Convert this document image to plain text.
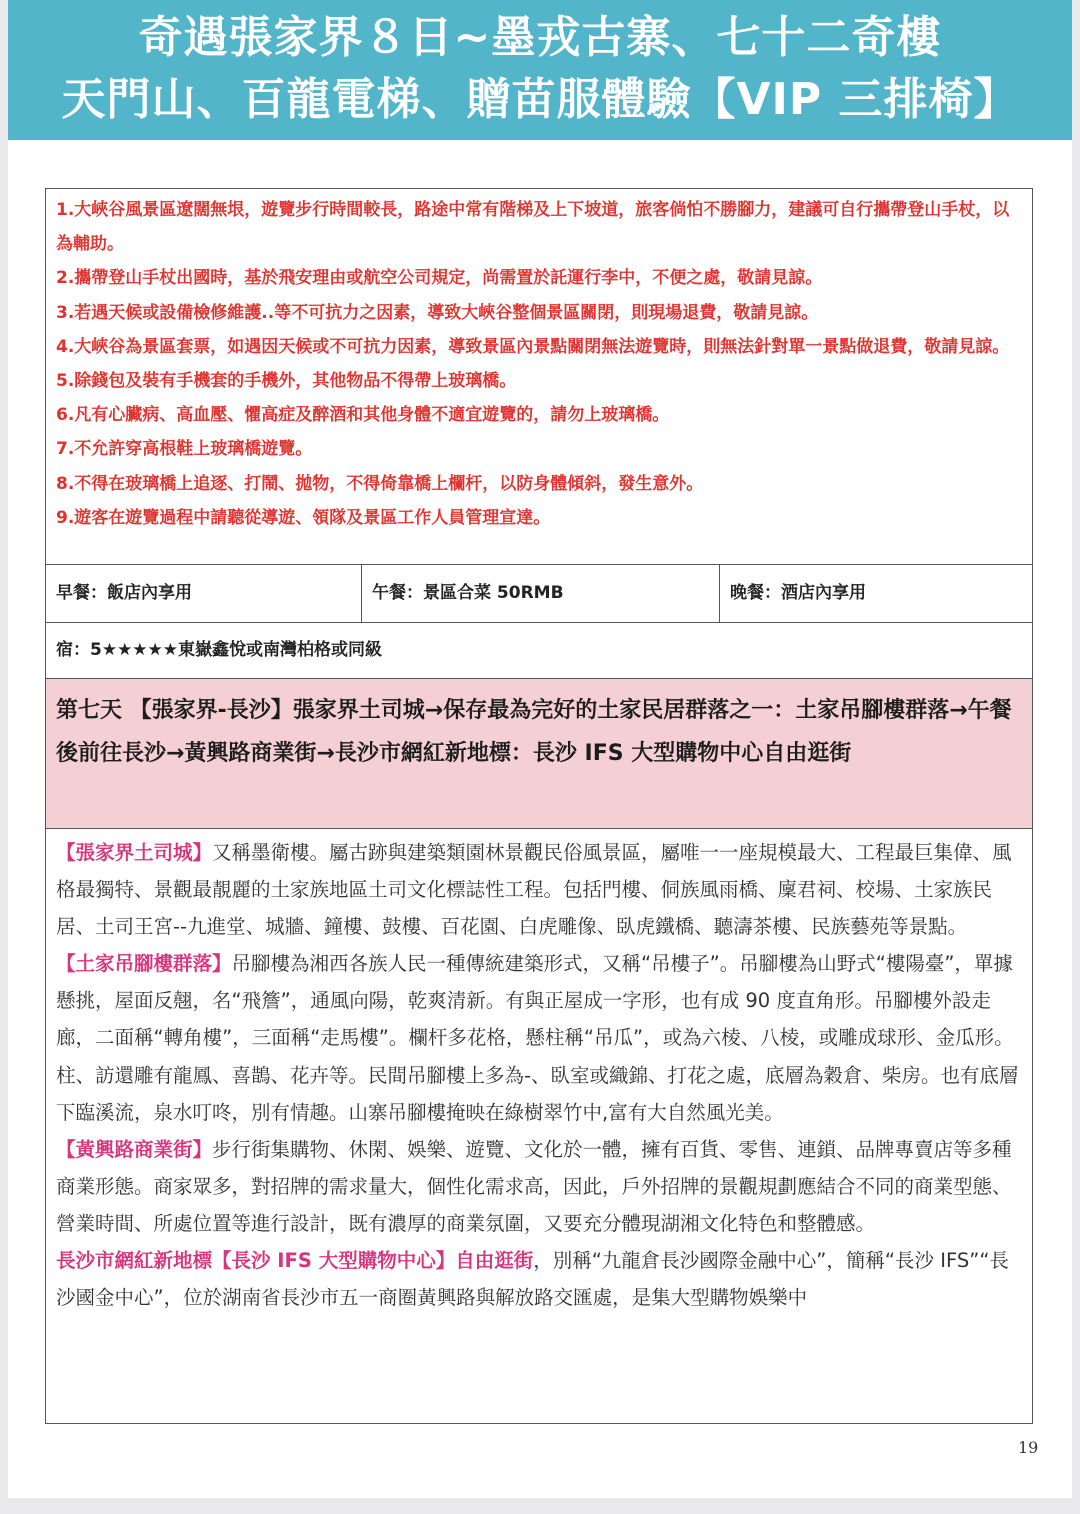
奇遇張家界８日~墨戎古寨、七十二奇樓
天門山、百龍電梯、贈苗服體驗【VIP 三排椅】

1.大峽谷風景區遼闊無垠，遊覽步行時間較長，路途中常有階梯及上下坡道，旅客倘怕不勝腳力，建議可自行攜帶登山手杖，以為輔助。

2.攜帶登山手杖出國時，基於飛安理由或航空公司規定，尚需置於託運行李中，不便之處，敬請見諒。

3.若遇天候或設備檢修維護..等不可抗力之因素，導致大峽谷整個景區關閉，則現場退費，敬請見諒。

4.大峽谷為景區套票，如遇因天候或不可抗力因素，導致景區內景點關閉無法遊覽時，則無法針對單一景點做退費，敬請見諒。

5.除錢包及裝有手機套的手機外，其他物品不得帶上玻璃橋。

6.凡有心臟病、高血壓、懼高症及醉酒和其他身體不適宜遊覽的，請勿上玻璃橋。

7.不允許穿高根鞋上玻璃橋遊覽。

8.不得在玻璃橋上追逐、打鬧、拋物，不得倚靠橋上欄杆，以防身體傾斜，發生意外。

9.遊客在遊覽過程中請聽從導遊、領隊及景區工作人員管理宣達。

早餐：飯店內享用	午餐：景區合菜 50RMB	晚餐：酒店內享用
宿：5★★★★★東嶽鑫悅或南灣柏格或同級
第七天 【張家界-長沙】張家界土司城→保存最為完好的土家民居群落之一：土家吊腳樓群落→午餐後前往長沙→黃興路商業街→長沙市網紅新地標：長沙 IFS 大型購物中心自由逛街

【張家界土司城】又稱墨衛樓。屬古跡與建築類園林景觀民俗風景區，屬唯一一座規模最大、工程最巨集偉、風格最獨特、景觀最靚麗的土家族地區土司文化標誌性工程。包括門樓、侗族風雨橋、廩君祠、校場、土家族民居、土司王宮--九進堂、城牆、鐘樓、鼓樓、百花園、白虎雕像、臥虎鐵橋、聽濤茶樓、民族藝苑等景點。

【土家吊腳樓群落】吊腳樓為湘西各族人民一種傳統建築形式，又稱“吊樓子”。吊腳樓為山野式“樓陽臺”，單據懸挑，屋面反翹，名“飛簷”，通風向陽，乾爽清新。有與正屋成一字形，也有成 90 度直角形。吊腳樓外設走廊，二面稱“轉角樓”，三面稱“走馬樓”。欄杆多花格，懸柱稱“吊瓜”，或為六棱、八棱，或雕成球形、金瓜形。柱、訪還雕有龍鳳、喜鵲、花卉等。民間吊腳樓上多為-、臥室或織錦、打花之處，底層為穀倉、柴房。也有底層下臨溪流，泉水叮咚，別有情趣。山寨吊腳樓掩映在綠樹翠竹中,富有大自然風光美。

【黃興路商業街】步行街集購物、休閑、娛樂、遊覽、文化於一體，擁有百貨、零售、連鎖、品牌專賣店等多種商業形態。商家眾多，對招牌的需求量大，個性化需求高，因此，戶外招牌的景觀規劃應結合不同的商業型態、營業時間、所處位置等進行設計，既有濃厚的商業氛圍，又要充分體現湖湘文化特色和整體感。

長沙市網紅新地標【長沙 IFS 大型購物中心】自由逛街，別稱“九龍倉長沙國際金融中心”，簡稱“長沙 IFS”“長沙國金中心”，位於湖南省長沙市五一商圈黃興路與解放路交匯處，是集大型購物娛樂中

19
